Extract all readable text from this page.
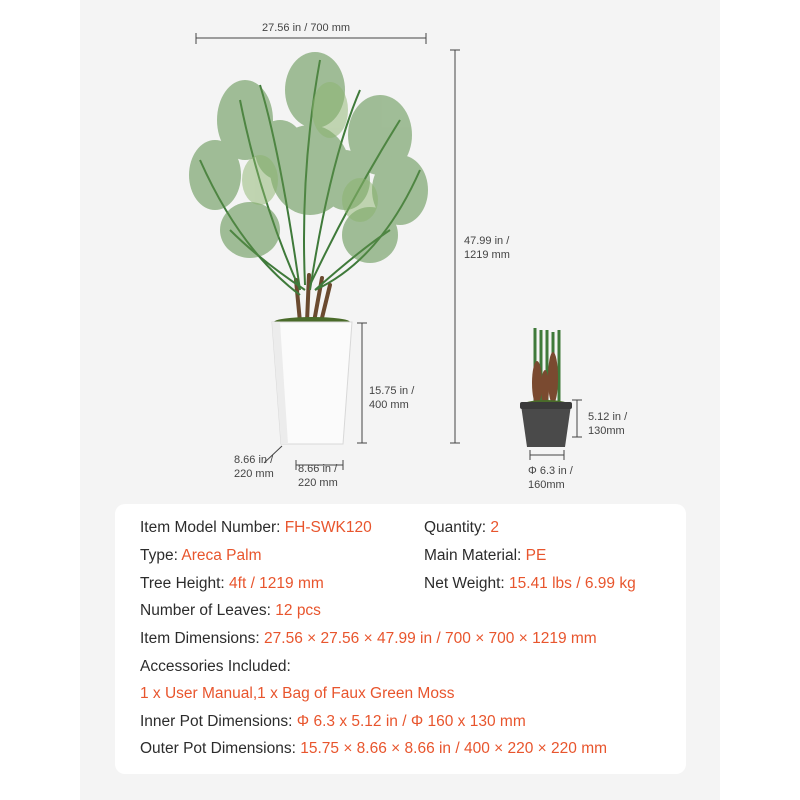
27.56 in / 700 mm
47.99 in /
1219 mm
15.75 in /
400 mm
8.66 in /
220 mm 8.66 in /
220 mm
5.12 in /
130mm
Φ 6.3 in /
160mm
Item Model Number: FH-SWK120	Quantity: 2
Type: Areca Palm	Main Material: PE
Tree Height: 4ft / 1219 mm	Net Weight: 15.41 lbs / 6.99 kg
Number of Leaves: 12 pcs
Item Dimensions: 27.56 × 27.56 × 47.99 in / 700 × 700 × 1219 mm
Accessories Included:
1 x User Manual,1 x Bag of Faux Green Moss
Inner Pot Dimensions: Φ 6.3 x 5.12 in / Φ 160 x 130 mm
Outer Pot Dimensions: 15.75 × 8.66 × 8.66 in / 400 × 220 × 220 mm
